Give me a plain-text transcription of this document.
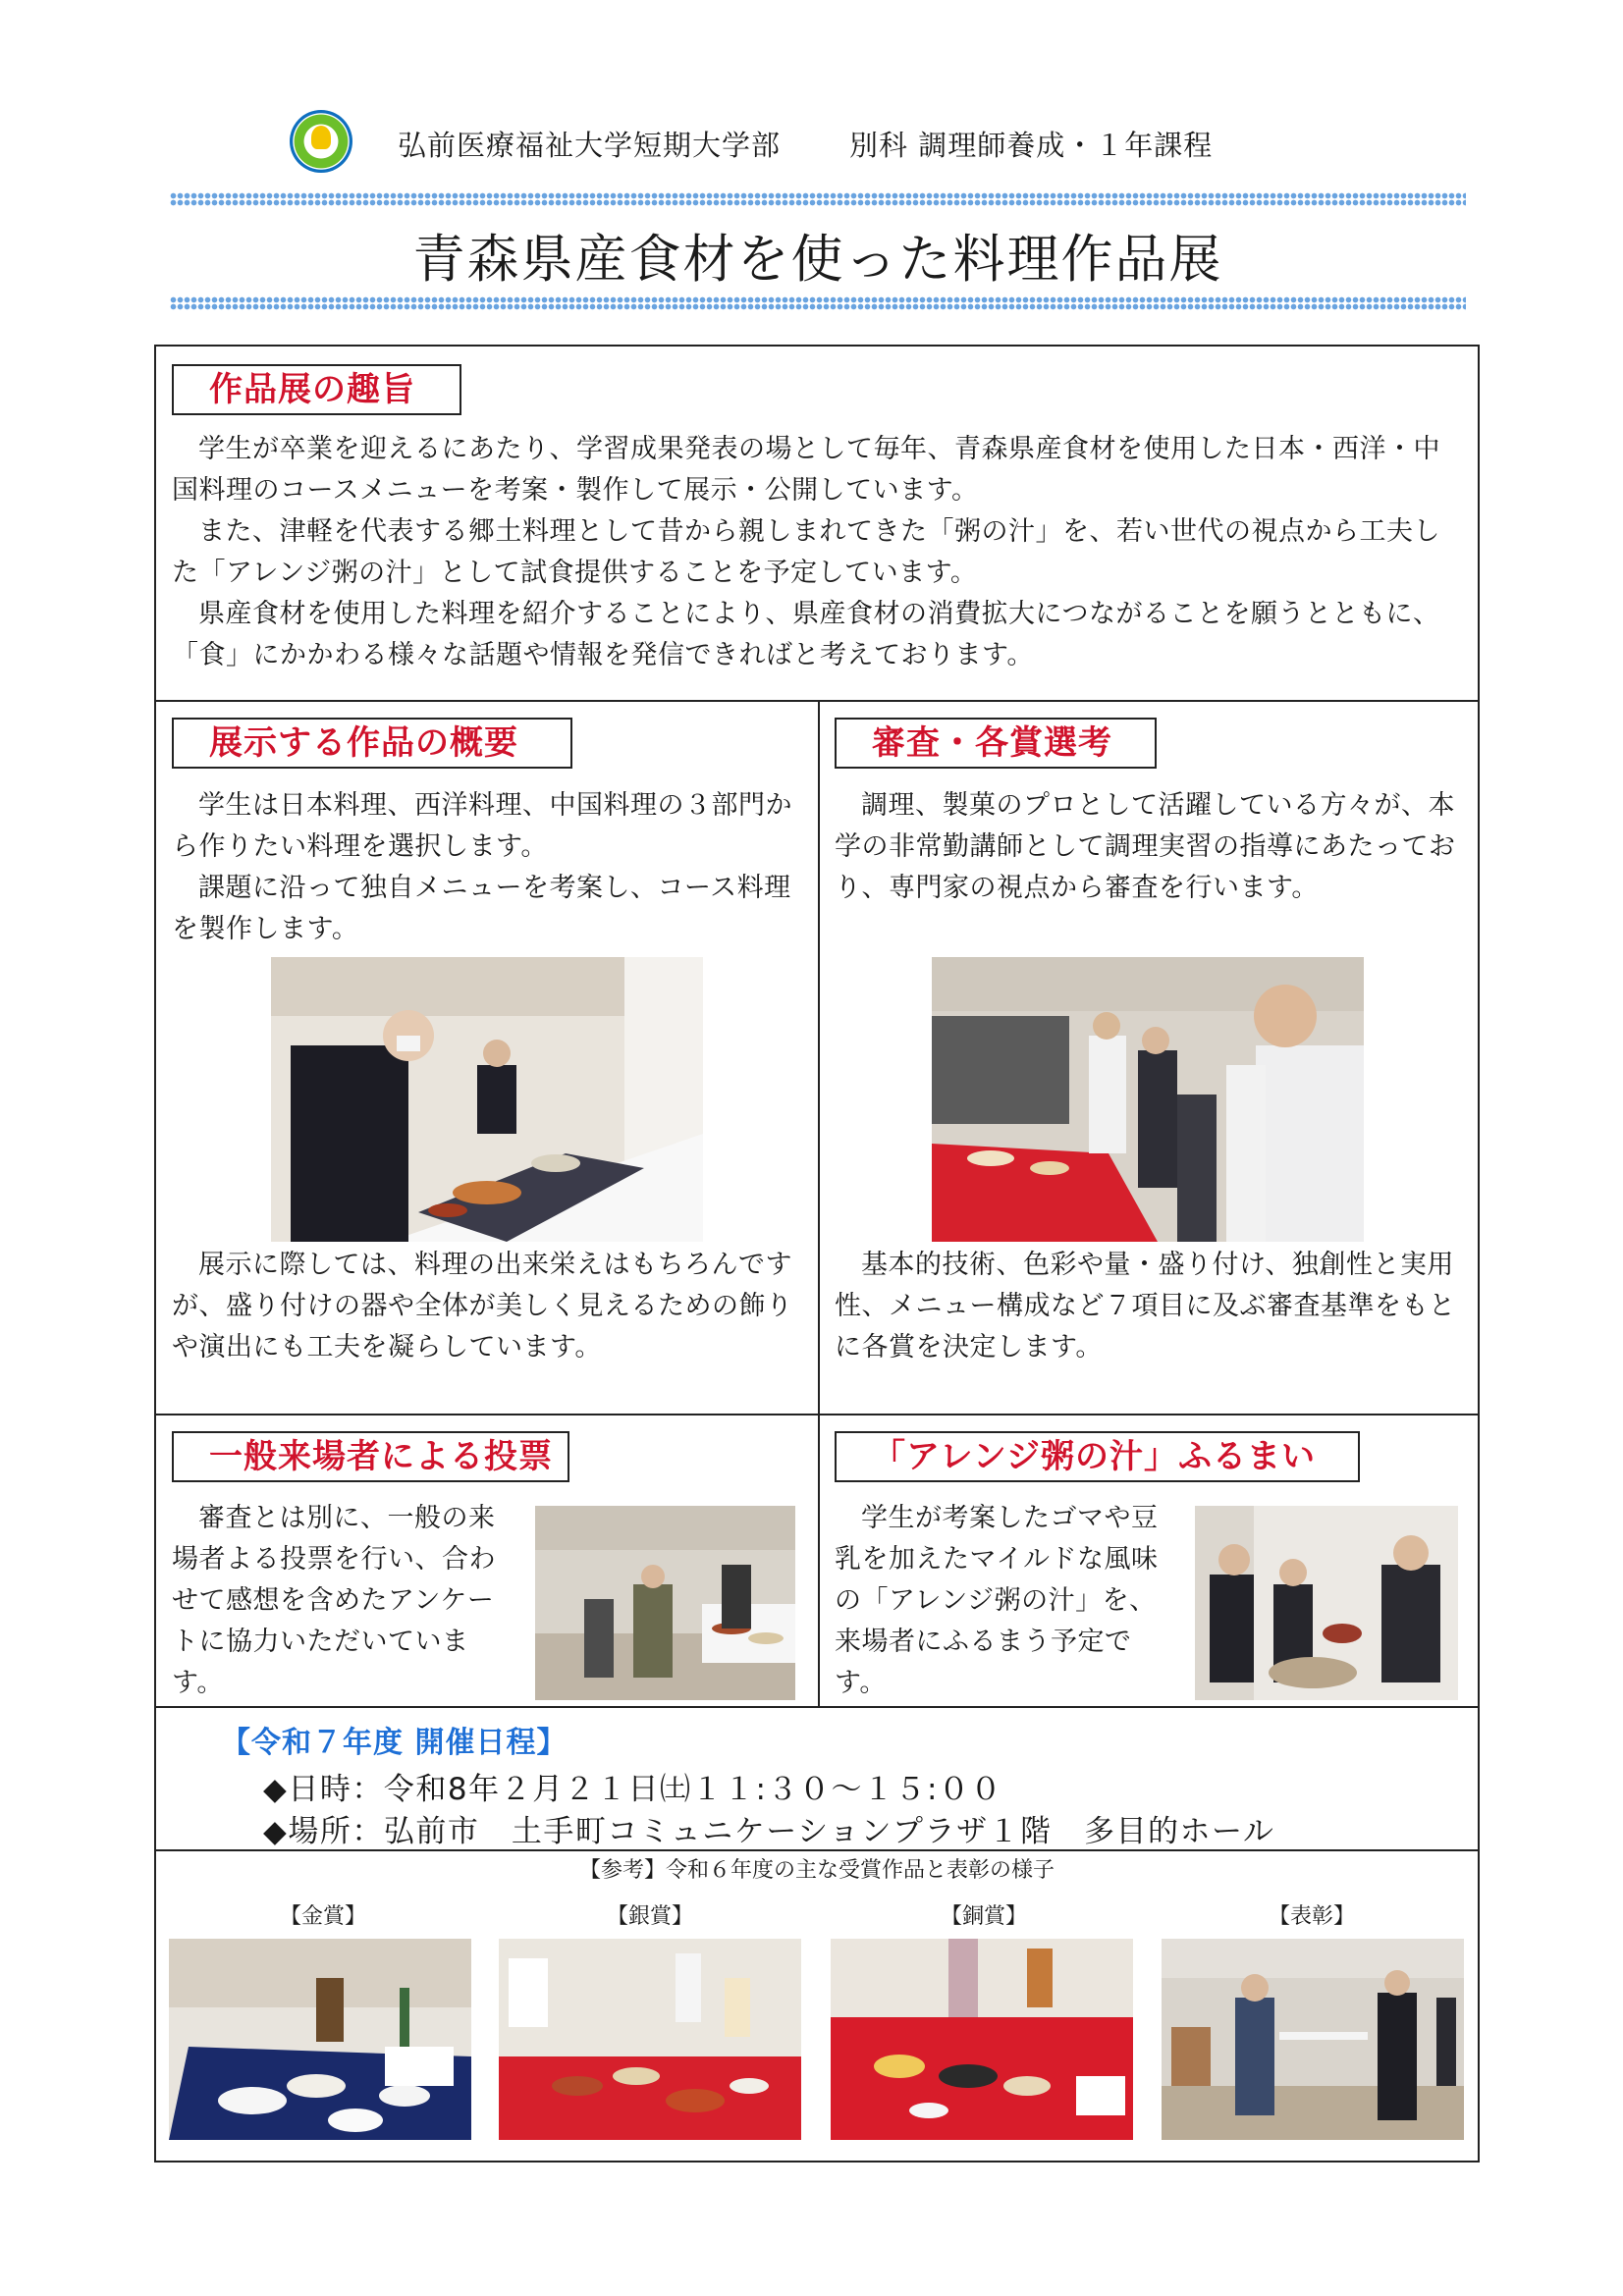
弘前医療福祉大学短期大学部 別科 調理師養成・１年課程
青森県産食材を使った料理作品展
作品展の趣旨

学生が卒業を迎えるにあたり、学習成果発表の場として毎年、青森県産食材を使用した日本・西洋・中国料理のコースメニューを考案・製作して展示・公開しています。

また、津軽を代表する郷土料理として昔から親しまれてきた「粥の汁」を、若い世代の視点から工夫した「アレンジ粥の汁」として試食提供することを予定しています。

県産食材を使用した料理を紹介することにより、県産食材の消費拡大につながることを願うとともに、「食」にかかわる様々な話題や情報を発信できればと考えております。

展示する作品の概要

学生は日本料理、西洋料理、中国料理の３部門から作りたい料理を選択します。

課題に沿って独自メニューを考案し、コース料理を製作します。

展示に際しては、料理の出来栄えはもちろんですが、盛り付けの器や全体が美しく見えるための飾りや演出にも工夫を凝らしています。

審査・各賞選考

調理、製菓のプロとして活躍している方々が、本学の非常勤講師として調理実習の指導にあたっており、専門家の視点から審査を行います。

基本的技術、色彩や量・盛り付け、独創性と実用性、メニュー構成など７項目に及ぶ審査基準をもとに各賞を決定します。

一般来場者による投票

審査とは別に、一般の来場者よる投票を行い、合わせて感想を含めたアンケートに協力いただいています。

「アレンジ粥の汁」ふるまい

学生が考案したゴマや豆乳を加えたマイルドな風味の「アレンジ粥の汁」を、来場者にふるまう予定です。

【令和７年度 開催日程】
◆日時：令和8年２月２１日㈯１１:３０〜１５:００
◆場所：弘前市　土手町コミュニケーションプラザ１階　多目的ホール
【参考】令和６年度の主な受賞作品と表彰の様子
【金賞】	【銀賞】	【銅賞】	【表彰】
